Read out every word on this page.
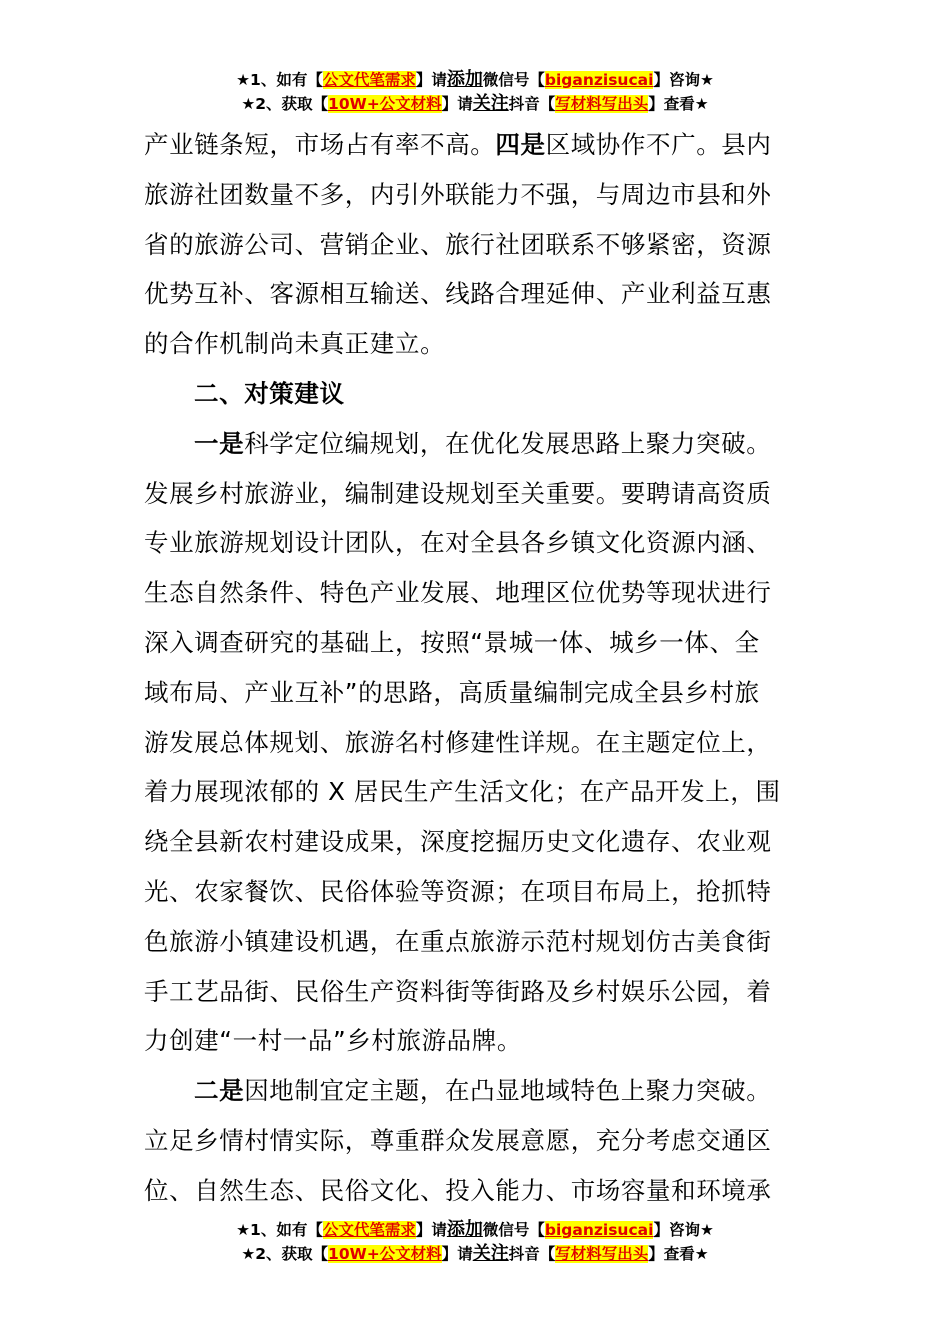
★1、如有【公文代笔需求】请添加微信号【biganzisucai】咨询★
★2、获取【10W+公文材料】请关注抖音【写材料写出头】查看★
产业链条短，市场占有率不高。四是区域协作不广。县内
旅游社团数量不多，内引外联能力不强，与周边市县和外
省的旅游公司、营销企业、旅行社团联系不够紧密，资源
优势互补、客源相互输送、线路合理延伸、产业利益互惠
的合作机制尚未真正建立。
二、对策建议
一是科学定位编规划，在优化发展思路上聚力突破。
发展乡村旅游业，编制建设规划至关重要。要聘请高资质
专业旅游规划设计团队，在对全县各乡镇文化资源内涵、
生态自然条件、特色产业发展、地理区位优势等现状进行
深入调查研究的基础上，按照“景城一体、城乡一体、全
域布局、产业互补”的思路，高质量编制完成全县乡村旅
游发展总体规划、旅游名村修建性详规。在主题定位上，
着力展现浓郁的 X 居民生产生活文化；在产品开发上，围
绕全县新农村建设成果，深度挖掘历史文化遗存、农业观
光、农家餐饮、民俗体验等资源；在项目布局上，抢抓特
色旅游小镇建设机遇，在重点旅游示范村规划仿古美食街
手工艺品街、民俗生产资料街等街路及乡村娱乐公园，着
力创建“一村一品”乡村旅游品牌。
二是因地制宜定主题，在凸显地域特色上聚力突破。
立足乡情村情实际，尊重群众发展意愿，充分考虑交通区
位、自然生态、民俗文化、投入能力、市场容量和环境承
★1、如有【公文代笔需求】请添加微信号【biganzisucai】咨询★
★2、获取【10W+公文材料】请关注抖音【写材料写出头】查看★
